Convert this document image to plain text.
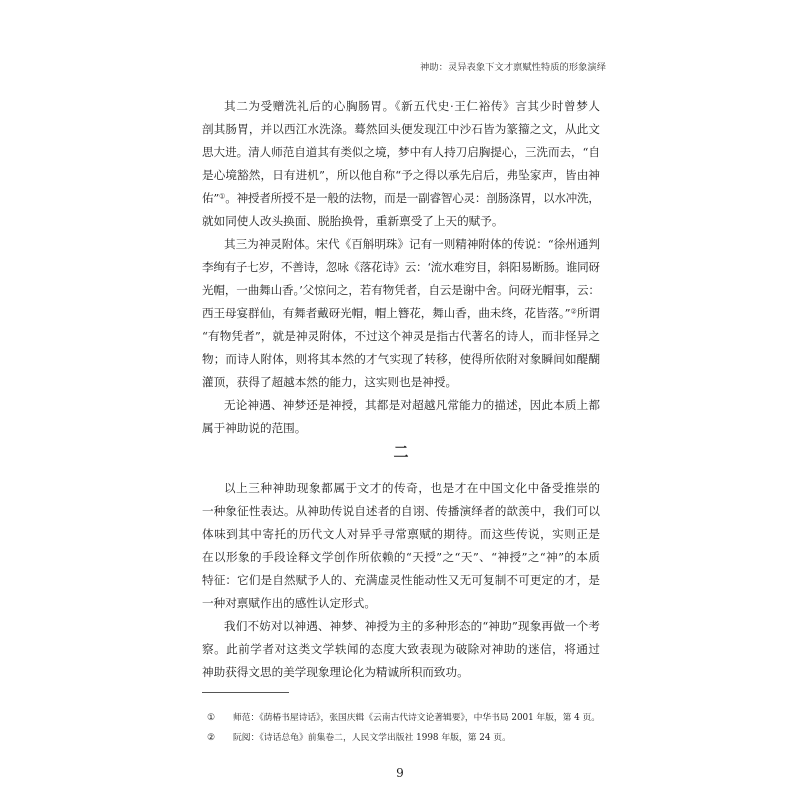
神助：灵异表象下文才禀赋性特质的形象演绎
其二为受赠洗礼后的心胸肠胃。《新五代史·王仁裕传》言其少时曾梦人
剖其肠胃，并以西江水洗涤。蓦然回头便发现江中沙石皆为篆籀之文，从此文
思大进。清人师范自道其有类似之境，梦中有人持刀启胸提心，三洗而去，“自
是心境豁然，日有进机”，所以他自称“予之得以承先启后，弗坠家声，皆由神
佑”①。神授者所授不是一般的法物，而是一副睿智心灵：剖肠涤胃，以水冲洗，
就如同使人改头换面、脱胎换骨，重新禀受了上天的赋予。
其三为神灵附体。宋代《百斛明珠》记有一则精神附体的传说：“徐州通判
李绚有子七岁，不善诗，忽咏《落花诗》云：‘流水难穷目，斜阳易断肠。谁同砑
光帽，一曲舞山香。’父惊问之，若有物凭者，自云是谢中舍。问砑光帽事，云：
西王母宴群仙，有舞者戴砑光帽，帽上簪花，舞山香，曲未终，花皆落。”②所谓
“有物凭者”，就是神灵附体，不过这个神灵是指古代著名的诗人，而非怪异之
物；而诗人附体，则将其本然的才气实现了转移，使得所依附对象瞬间如醍醐
灌顶，获得了超越本然的能力，这实则也是神授。
无论神遇、神梦还是神授，其都是对超越凡常能力的描述，因此本质上都
属于神助说的范围。
二
以上三种神助现象都属于文才的传奇，也是才在中国文化中备受推崇的
一种象征性表达。从神助传说自述者的自诩、传播演绎者的歆羡中，我们可以
体味到其中寄托的历代文人对异乎寻常禀赋的期待。而这些传说，实则正是
在以形象的手段诠释文学创作所依赖的“天授”之“天”、“神授”之“神”的本质
特征：它们是自然赋予人的、充满虚灵性能动性又无可复制不可更定的才，是
一种对禀赋作出的感性认定形式。
我们不妨对以神遇、神梦、神授为主的多种形态的“神助”现象再做一个考
察。此前学者对这类文学轶闻的态度大致表现为破除对神助的迷信，将通过
神助获得文思的美学现象理论化为精诚所积而致功。
①	师范：《荫椿书屋诗话》，张国庆辑《云南古代诗文论著辑要》，中华书局 2001 年版，第 4 页。
②	阮阅：《诗话总龟》前集卷二，人民文学出版社 1998 年版，第 24 页。
9
